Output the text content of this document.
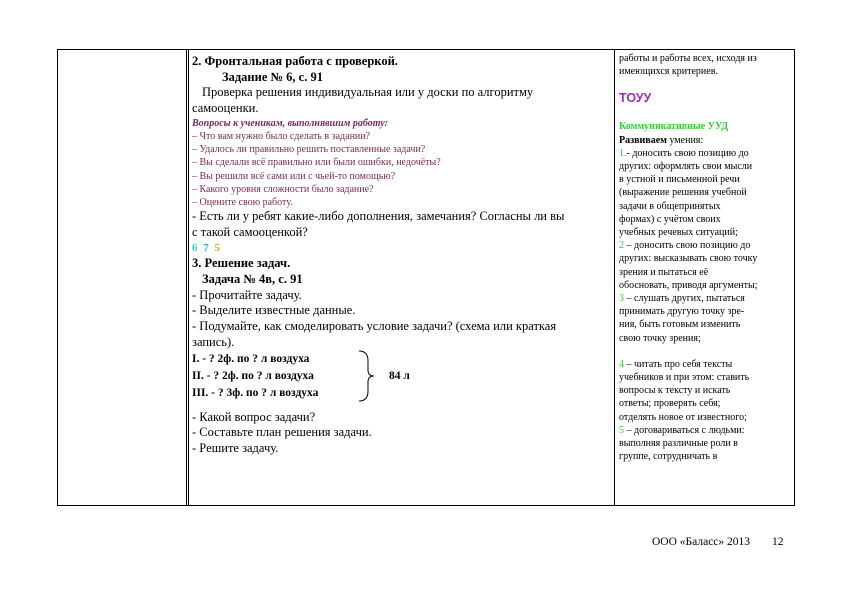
2. Фронтальная работа с проверкой.
Задание № 6, с. 91
Проверка решения индивидуальная или у доски по алгоритму
самооценки.
Вопросы к ученикам, выполнявшим работу:
– Что вам нужно было сделать в задании?
– Удалось ли правильно решить поставленные задачи?
– Вы сделали всё правильно или были ошибки, недочёты?
– Вы решили всё сами или с чьей-то помощью?
– Какого уровня сложности было задание?
– Оцените свою работу.
- Есть ли у ребят какие-либо дополнения, замечания? Согласны ли вы
с такой самооценкой?
6 7 5
3. Решение задач.
Задача № 4в, с. 91
- Прочитайте задачу.
- Выделите известные данные.
- Подумайте, как смоделировать условие задачи? (схема или краткая
запись).
I. - ? 2ф. по ? л воздуха
II. - ? 2ф. по ? л воздуха
III. - ? 3ф. по ? л воздуха
84 л
- Какой вопрос задачи?
- Составьте план решения задачи.
- Решите задачу.
работы и работы всех, исходя из
имеющихся критериев.
ТОУУ
Коммуникативные УУД
Развиваем умения:
1.- доносить свою позицию до
других: оформлять свои мысли
в устной и письменной речи
(выражение решения учебной
задачи в общепринятых
формах) с учётом своих
учебных речевых ситуаций;
2 – доносить свою позицию до
других: высказывать свою точку
зрения и пытаться её
обосновать, приводя аргументы;
3 – слушать других, пытаться
принимать другую точку зре-
ния, быть готовым изменить
свою точку зрения;
4 – читать про себя тексты
учебников и при этом: ставить
вопросы к тексту и искать
ответы; проверять себя;
отделять новое от известного;
5 – договариваться с людьми:
выполняя различные роли в
группе, сотрудничать в
ООО «Баласс» 2013 12
